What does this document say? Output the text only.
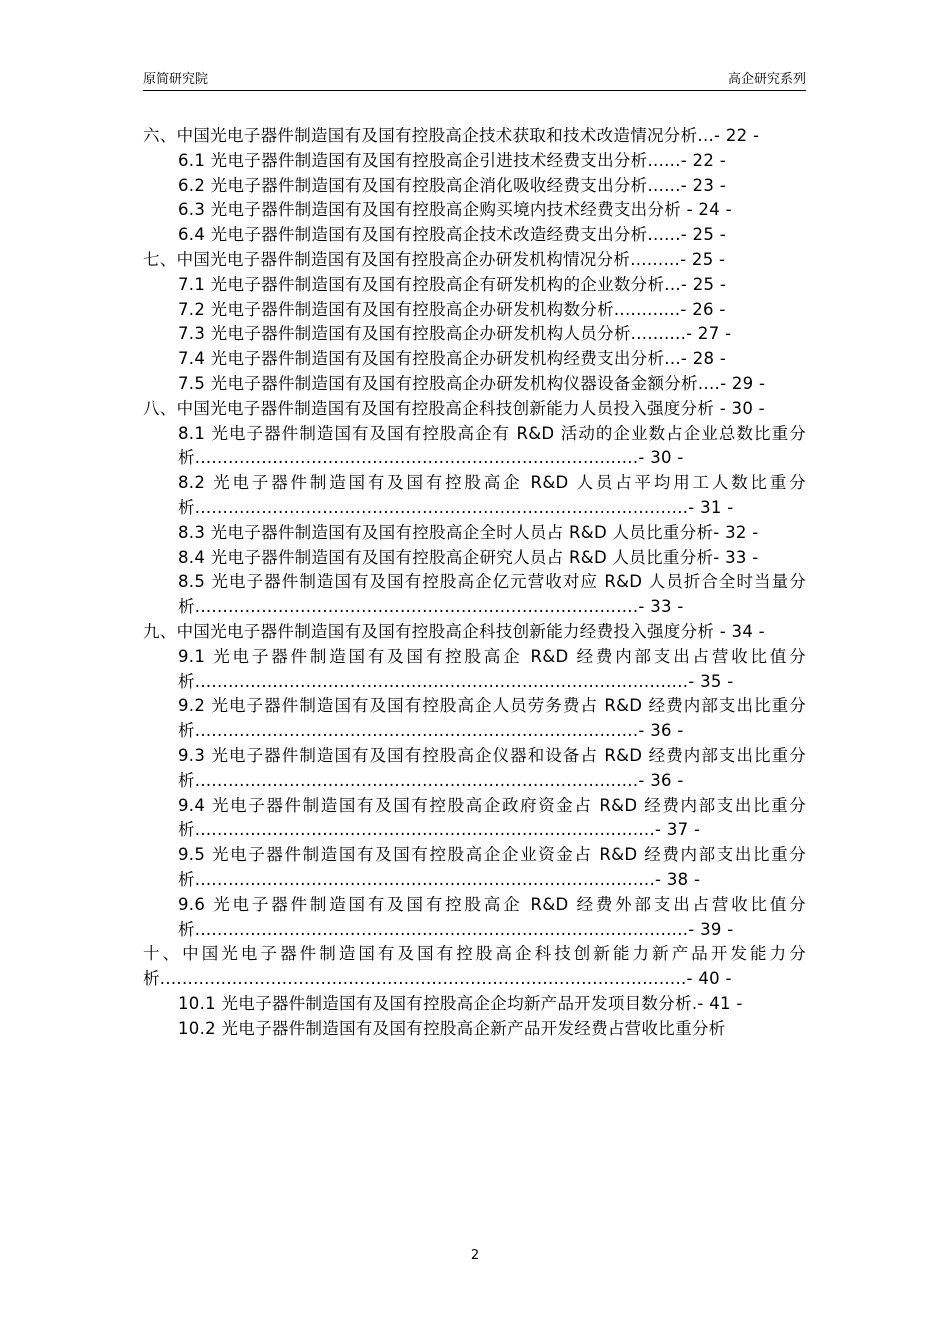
原简研究院	高企研究系列
六、中国光电子器件制造国有及国有控股高企技术获取和技术改造情况分析...- 22 -
6.1 光电子器件制造国有及国有控股高企引进技术经费支出分析......- 22 -
6.2 光电子器件制造国有及国有控股高企消化吸收经费支出分析......- 23 -
6.3 光电子器件制造国有及国有控股高企购买境内技术经费支出分析 - 24 -
6.4 光电子器件制造国有及国有控股高企技术改造经费支出分析......- 25 -
七、中国光电子器件制造国有及国有控股高企办研发机构情况分析.........- 25 -
7.1 光电子器件制造国有及国有控股高企有研发机构的企业数分析...- 25 -
7.2 光电子器件制造国有及国有控股高企办研发机构数分析............- 26 -
7.3 光电子器件制造国有及国有控股高企办研发机构人员分析..........- 27 -
7.4 光电子器件制造国有及国有控股高企办研发机构经费支出分析...- 28 -
7.5 光电子器件制造国有及国有控股高企办研发机构仪器设备金额分析....- 29 -
八、中国光电子器件制造国有及国有控股高企科技创新能力人员投入强度分析 - 30 -
8.1 光电子器件制造国有及国有控股高企有 R&D 活动的企业数占企业总数比重分析................................................................................- 30 -
8.2 光电子器件制造国有及国有控股高企 R&D 人员占平均用工人数比重分析.........................................................................................- 31 -
8.3 光电子器件制造国有及国有控股高企全时人员占 R&D 人员比重分析- 32 -
8.4 光电子器件制造国有及国有控股高企研究人员占 R&D 人员比重分析- 33 -
8.5 光电子器件制造国有及国有控股高企亿元营收对应 R&D 人员折合全时当量分析................................................................................- 33 -
九、中国光电子器件制造国有及国有控股高企科技创新能力经费投入强度分析 - 34 -
9.1 光电子器件制造国有及国有控股高企 R&D 经费内部支出占营收比值分析.........................................................................................- 35 -
9.2 光电子器件制造国有及国有控股高企人员劳务费占 R&D 经费内部支出比重分析................................................................................- 36 -
9.3 光电子器件制造国有及国有控股高企仪器和设备占 R&D 经费内部支出比重分析................................................................................- 36 -
9.4 光电子器件制造国有及国有控股高企政府资金占 R&D 经费内部支出比重分析...................................................................................- 37 -
9.5 光电子器件制造国有及国有控股高企企业资金占 R&D 经费内部支出比重分析...................................................................................- 38 -
9.6 光电子器件制造国有及国有控股高企 R&D 经费外部支出占营收比值分析.........................................................................................- 39 -
十、中国光电子器件制造国有及国有控股高企科技创新能力新产品开发能力分析...............................................................................................- 40 -
10.1 光电子器件制造国有及国有控股高企企均新产品开发项目数分析.- 41 -
10.2 光电子器件制造国有及国有控股高企新产品开发经费占营收比重分析
2
